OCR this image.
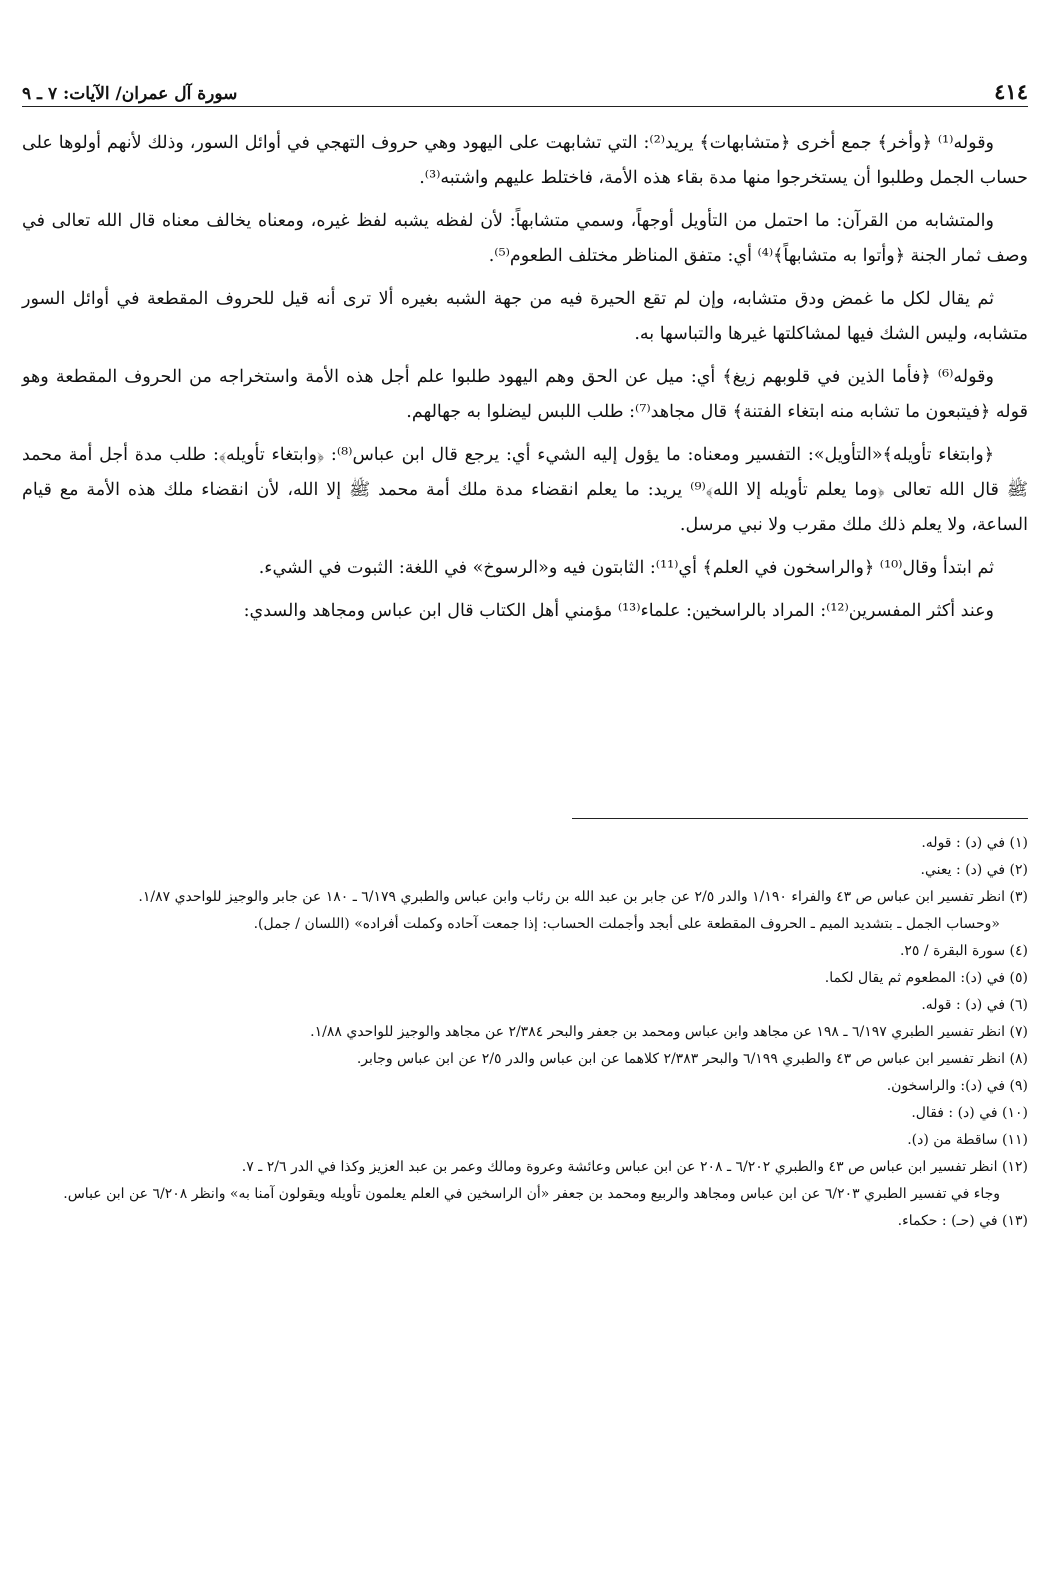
٤١٤
سورة آل عمران/ الآيات: ٧ ـ ٩

وقوله⁽¹⁾ ﴿وأخر﴾ جمع أخرى ﴿متشابهات﴾ يريد⁽²⁾: التي تشابهت على اليهود وهي حروف التهجي في أوائل السور، وذلك لأنهم أولوها على حساب الجمل وطلبوا أن يستخرجوا منها مدة بقاء هذه الأمة، فاختلط عليهم واشتبه⁽³⁾.

والمتشابه من القرآن: ما احتمل من التأويل أوجهاً، وسمي متشابهاً: لأن لفظه يشبه لفظ غيره، ومعناه يخالف معناه قال الله تعالى في وصف ثمار الجنة ﴿وأتوا به متشابهاً﴾⁽⁴⁾ أي: متفق المناظر مختلف الطعوم⁽⁵⁾.

ثم يقال لكل ما غمض ودق متشابه، وإن لم تقع الحيرة فيه من جهة الشبه بغيره ألا ترى أنه قيل للحروف المقطعة في أوائل السور متشابه، وليس الشك فيها لمشاكلتها غيرها والتباسها به.

وقوله⁽⁶⁾ ﴿فأما الذين في قلوبهم زيغ﴾ أي: ميل عن الحق وهم اليهود طلبوا علم أجل هذه الأمة واستخراجه من الحروف المقطعة وهو قوله ﴿فيتبعون ما تشابه منه ابتغاء الفتنة﴾ قال مجاهد⁽⁷⁾: طلب اللبس ليضلوا به جهالهم.

﴿وابتغاء تأويله﴾«التأويل»: التفسير ومعناه: ما يؤول إليه الشيء أي: يرجع قال ابن عباس⁽⁸⁾: ﴿وابتغاء تأويله﴾: طلب مدة أجل أمة محمد ﷺ قال الله تعالى ﴿وما يعلم تأويله إلا الله﴾⁽⁹⁾ يريد: ما يعلم انقضاء مدة ملك أمة محمد ﷺ إلا الله، لأن انقضاء ملك هذه الأمة مع قيام الساعة، ولا يعلم ذلك ملك مقرب ولا نبي مرسل.

ثم ابتدأ وقال⁽¹⁰⁾ ﴿والراسخون في العلم﴾ أي⁽¹¹⁾: الثابتون فيه و«الرسوخ» في اللغة: الثبوت في الشيء.

وعند أكثر المفسرين⁽¹²⁾: المراد بالراسخين: علماء⁽¹³⁾ مؤمني أهل الكتاب قال ابن عباس ومجاهد والسدي:

(١) في (د) : قوله.

(٢) في (د) : يعني.

(٣) انظر تفسير ابن عباس ص ٤٣ والفراء ١/١٩٠ والدر ٢/٥ عن جابر بن عبد الله بن رئاب وابن عباس والطبري ٦/١٧٩ ـ ١٨٠ عن جابر والوجيز للواحدي ١/٨٧.

«وحساب الجمل ـ بتشديد الميم ـ الحروف المقطعة على أبجد وأجملت الحساب: إذا جمعت آحاده وكملت أفراده» (اللسان / جمل).

(٤) سورة البقرة / ٢٥.

(٥) في (د): المطعوم ثم يقال لكما.

(٦) في (د) : قوله.

(٧) انظر تفسير الطبري ٦/١٩٧ ـ ١٩٨ عن مجاهد وابن عباس ومحمد بن جعفر والبحر ٢/٣٨٤ عن مجاهد والوجيز للواحدي ١/٨٨.

(٨) انظر تفسير ابن عباس ص ٤٣ والطبري ٦/١٩٩ والبحر ٢/٣٨٣ كلاهما عن ابن عباس والدر ٢/٥ عن ابن عباس وجابر.

(٩) في (د): والراسخون.

(١٠) في (د) : فقال.

(١١) ساقطة من (د).

(١٢) انظر تفسير ابن عباس ص ٤٣ والطبري ٦/٢٠٢ ـ ٢٠٨ عن ابن عباس وعائشة وعروة ومالك وعمر بن عبد العزيز وكذا في الدر ٢/٦ ـ ٧.

وجاء في تفسير الطبري ٦/٢٠٣ عن ابن عباس ومجاهد والربيع ومحمد بن جعفر «أن الراسخين في العلم يعلمون تأويله ويقولون آمنا به» وانظر ٦/٢٠٨ عن ابن عباس.

(١٣) في (حـ) : حكماء.
